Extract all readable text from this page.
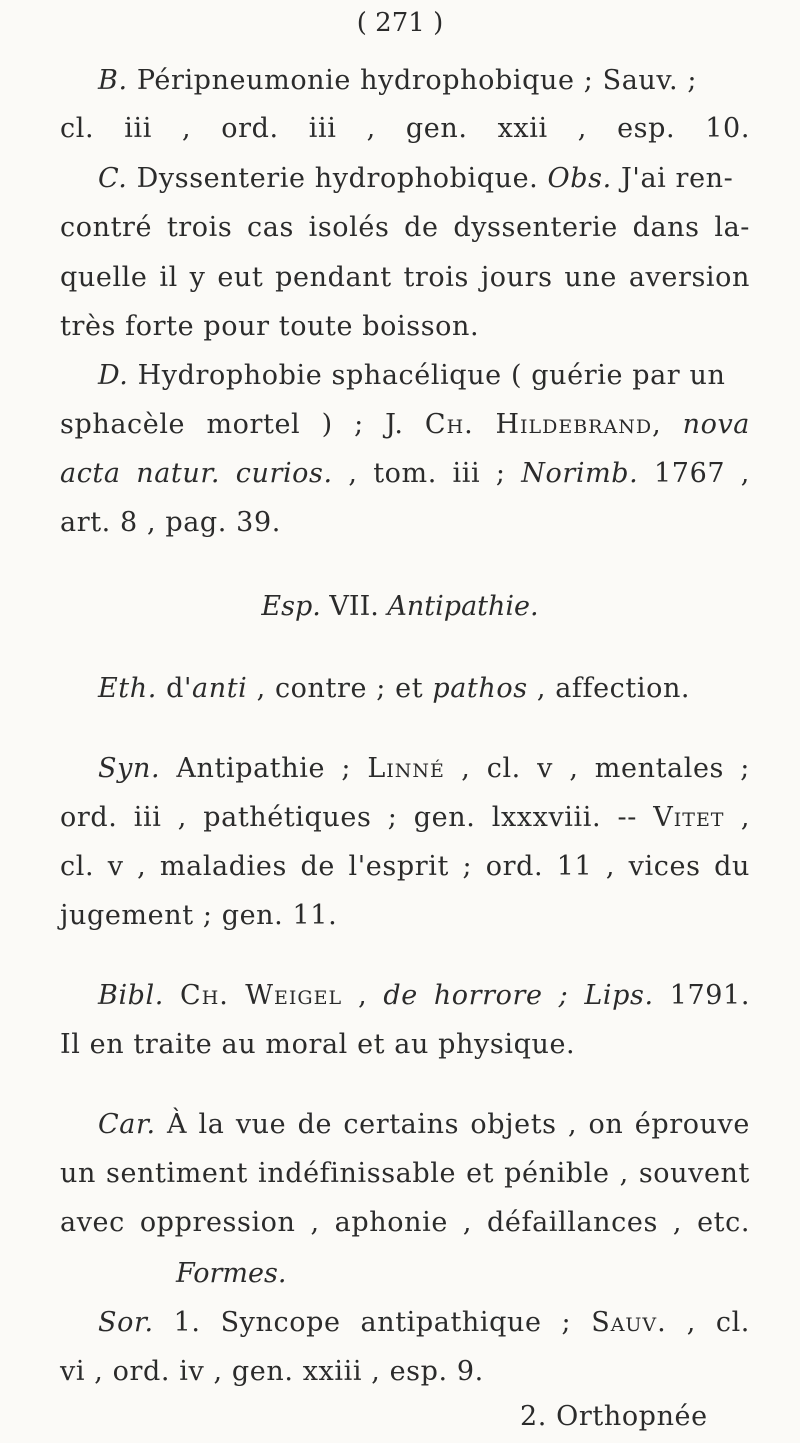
( 271 )
B. Péripneumonie hydrophobique ; Sauv. ;
cl. iii , ord. iii , gen. xxii , esp. 10.
C. Dyssenterie hydrophobique. Obs. J'ai ren-
contré trois cas isolés de dyssenterie dans la-
quelle il y eut pendant trois jours une aversion
très forte pour toute boisson.
D. Hydrophobie sphacélique ( guérie par un
sphacèle mortel ) ; J. Ch. Hildebrand, nova
acta natur. curios. , tom. iii ; Norimb. 1767 ,
art. 8 , pag. 39.
Esp. VII. Antipathie.
Eth. d'anti , contre ; et pathos , affection.
Syn. Antipathie ; Linné , cl. v , mentales ;
ord. iii , pathétiques ; gen. lxxxviii. -- Vitet ,
cl. v , maladies de l'esprit ; ord. 11 , vices du
jugement ; gen. 11.
Bibl. Ch. Weigel , de horrore ; Lips. 1791.
Il en traite au moral et au physique.
Car. À la vue de certains objets , on éprouve
un sentiment indéfinissable et pénible , souvent
avec oppression , aphonie , défaillances , etc.
Formes.
Sor. 1. Syncope antipathique ; Sauv. , cl.
vi , ord. iv , gen. xxiii , esp. 9.
2. Orthopnée
